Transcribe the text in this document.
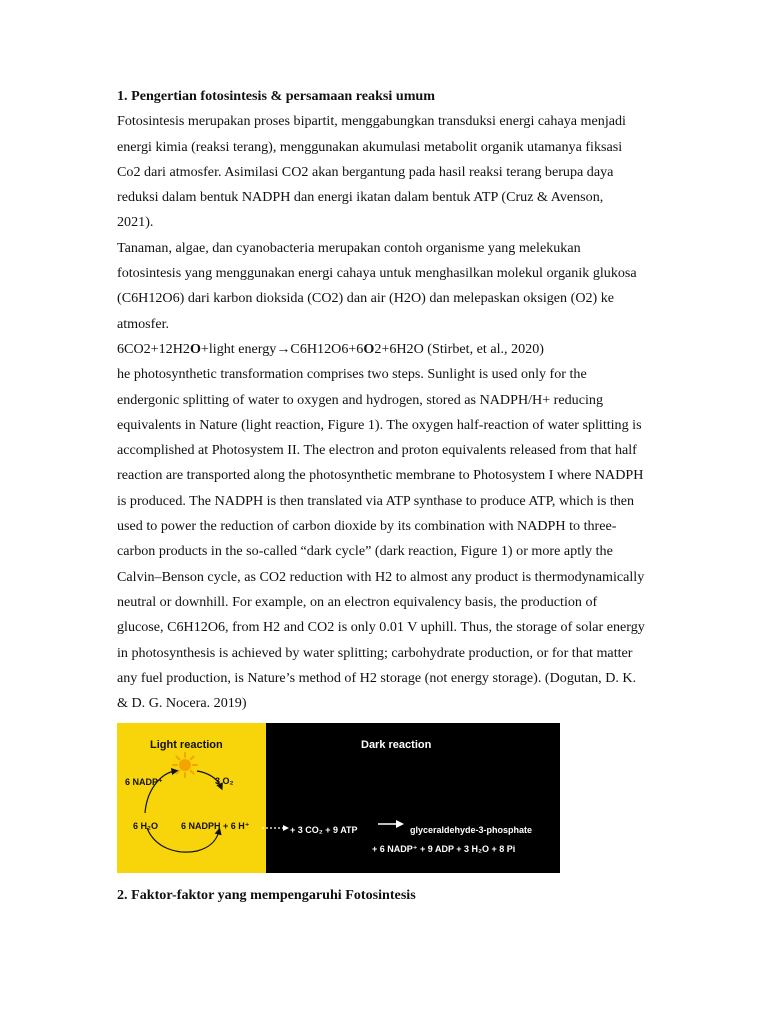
1. Pengertian fotosintesis & persamaan reaksi umum

Fotosintesis merupakan proses bipartit, menggabungkan transduksi energi cahaya menjadi

energi kimia (reaksi terang), menggunakan akumulasi metabolit organik utamanya fiksasi

Co2 dari atmosfer. Asimilasi CO2 akan bergantung pada hasil reaksi terang berupa daya

reduksi dalam bentuk NADPH dan energi ikatan dalam bentuk ATP (Cruz & Avenson,

2021).

Tanaman, algae, dan cyanobacteria merupakan contoh organisme yang melekukan

fotosintesis yang menggunakan energi cahaya untuk menghasilkan molekul organik glukosa

(C6H12O6) dari karbon dioksida (CO2) dan air (H2O) dan melepaskan oksigen (O2) ke

atmosfer.

6CO2+12H2O+light energy→C6H12O6+6O2+6H2O (Stirbet, et al., 2020)

he photosynthetic transformation comprises two steps. Sunlight is used only for the

endergonic splitting of water to oxygen and hydrogen, stored as NADPH/H+ reducing

equivalents in Nature (light reaction, Figure 1). The oxygen half-reaction of water splitting is

accomplished at Photosystem II. The electron and proton equivalents released from that half

reaction are transported along the photosynthetic membrane to Photosystem I where NADPH

is produced. The NADPH is then translated via ATP synthase to produce ATP, which is then

used to power the reduction of carbon dioxide by its combination with NADPH to three-

carbon products in the so-called “dark cycle” (dark reaction, Figure 1) or more aptly the

Calvin–Benson cycle, as CO2 reduction with H2 to almost any product is thermodynamically

neutral or downhill. For example, on an electron equivalency basis, the production of

glucose, C6H12O6, from H2 and CO2 is only 0.01 V uphill. Thus, the storage of solar energy

in photosynthesis is achieved by water splitting; carbohydrate production, or for that matter

any fuel production, is Nature’s method of H2 storage (not energy storage). (Dogutan, D. K.

& D. G. Nocera. 2019)

Light reaction
6 NADP⁺	3 O₂
6 H₂O	6 NADPH + 6 H⁺
Dark reaction
+ 3 CO₂ + 9 ATP	glyceraldehyde-3-phosphate
+ 6 NADP⁺ + 9 ADP + 3 H₂O + 8 Pi

2. Faktor-faktor yang mempengaruhi Fotosintesis
